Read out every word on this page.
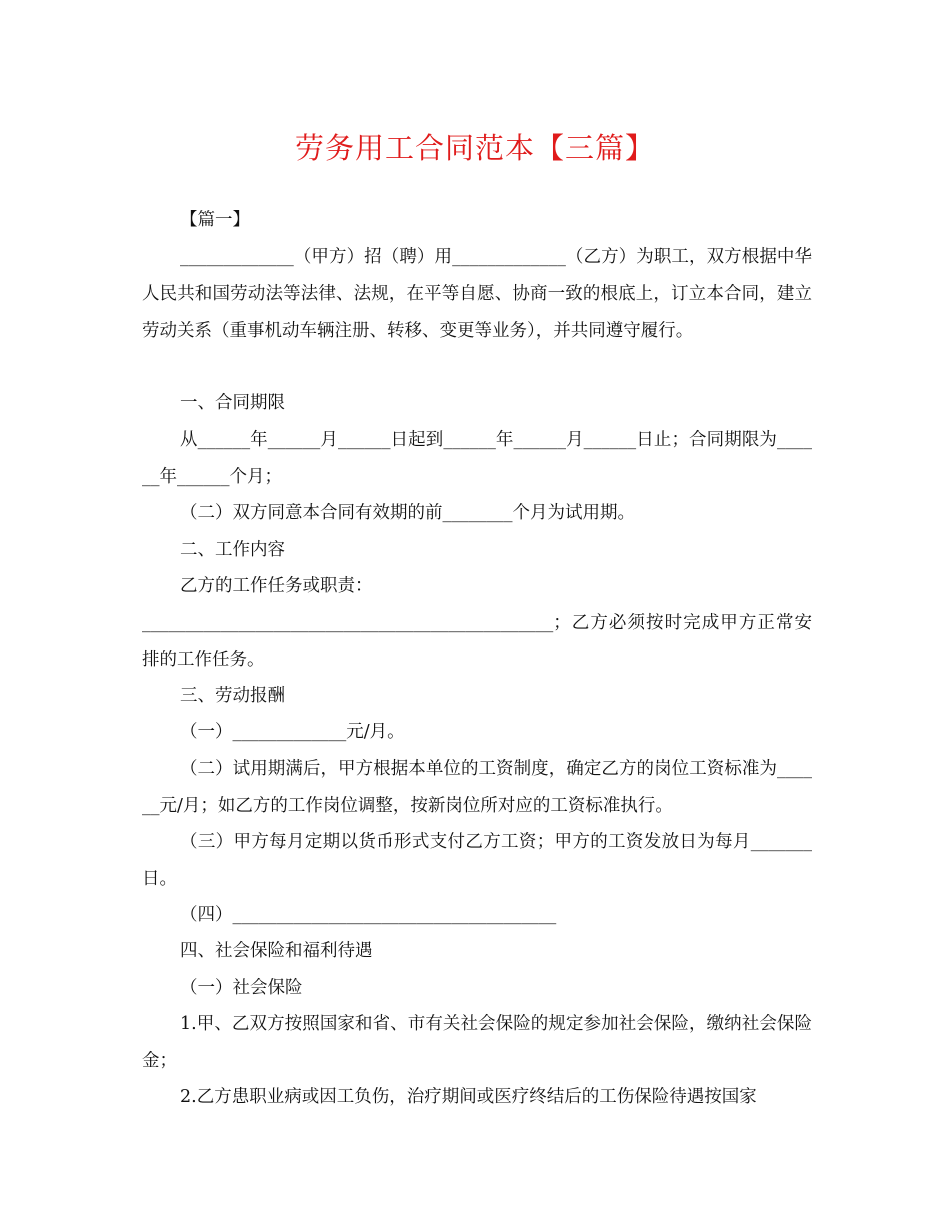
劳务用工合同范本【三篇】

【篇一】

_____________（甲方）招（聘）用_____________（乙方）为职工，双方根据中华人民共和国劳动法等法律、法规，在平等自愿、协商一致的根底上，订立本合同，建立劳动关系（重事机动车辆注册、转移、变更等业务），并共同遵守履行。

一、合同期限

从______年______月______日起到______年______月______日止；合同期限为______年______个月；

（二）双方同意本合同有效期的前________个月为试用期。

二、工作内容

乙方的工作任务或职责：

_______________________________________________；乙方必须按时完成甲方正常安排的工作任务。

三、劳动报酬

（一）_____________元/月。

（二）试用期满后，甲方根据本单位的工资制度，确定乙方的岗位工资标准为______元/月；如乙方的工作岗位调整，按新岗位所对应的工资标准执行。

（三）甲方每月定期以货币形式支付乙方工资；甲方的工资发放日为每月_______日。

（四）_____________________________________

四、社会保险和福利待遇

（一）社会保险

1.甲、乙双方按照国家和省、市有关社会保险的规定参加社会保险，缴纳社会保险金；

2.乙方患职业病或因工负伤，治疗期间或医疗终结后的工伤保险待遇按国家
